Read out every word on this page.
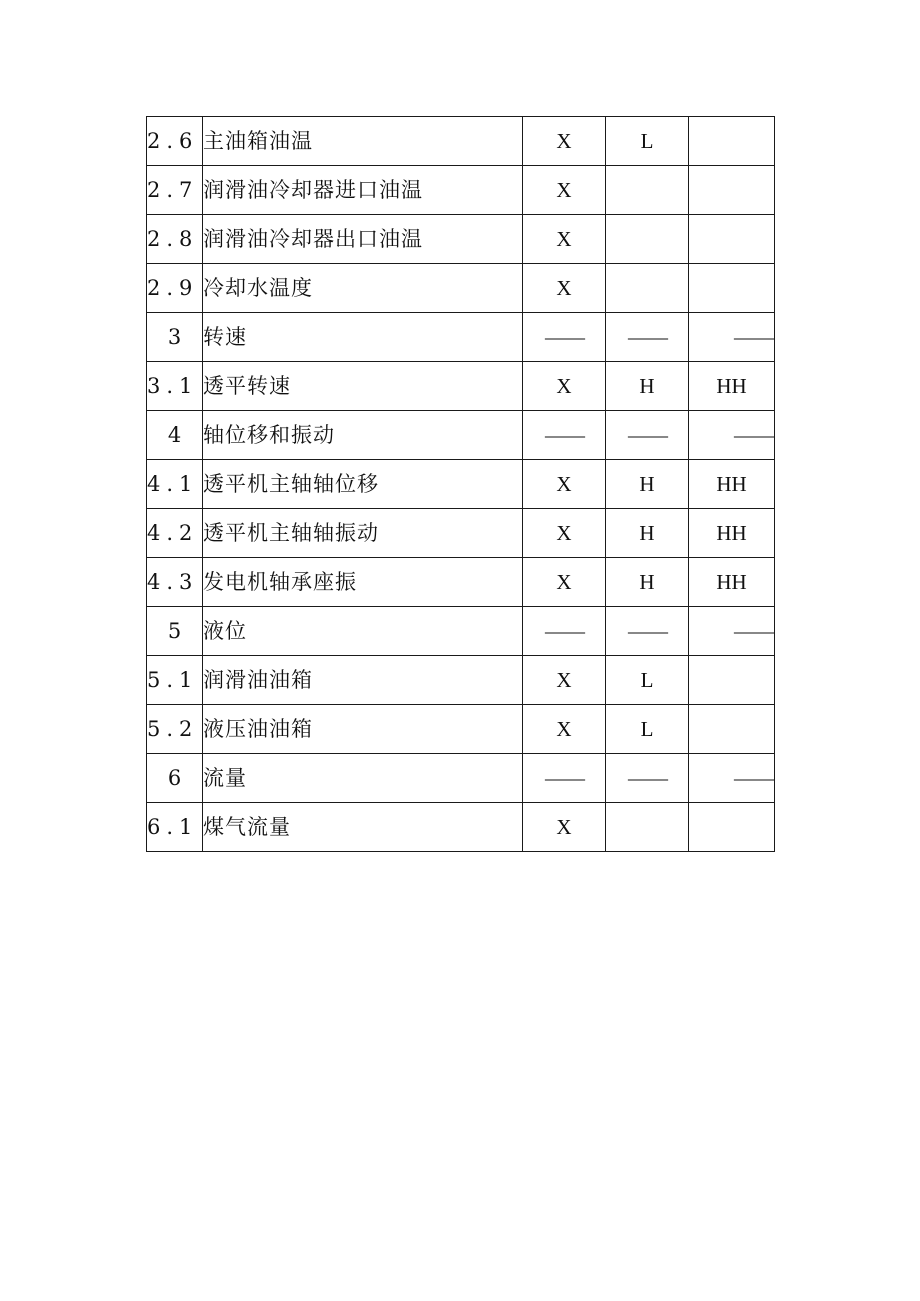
2.6	主油箱油温	X	L	
2.7	润滑油冷却器进口油温	X		
2.8	润滑油冷却器出口油温	X		
2.9	冷却水温度	X		
3	转速	——	——	——
3.1	透平转速	X	H	HH
4	轴位移和振动	——	——	——
4.1	透平机主轴轴位移	X	H	HH
4.2	透平机主轴轴振动	X	H	HH
4.3	发电机轴承座振	X	H	HH
5	液位	——	——	——
5.1	润滑油油箱	X	L	
5.2	液压油油箱	X	L	
6	流量	——	——	——
6.1	煤气流量	X		
